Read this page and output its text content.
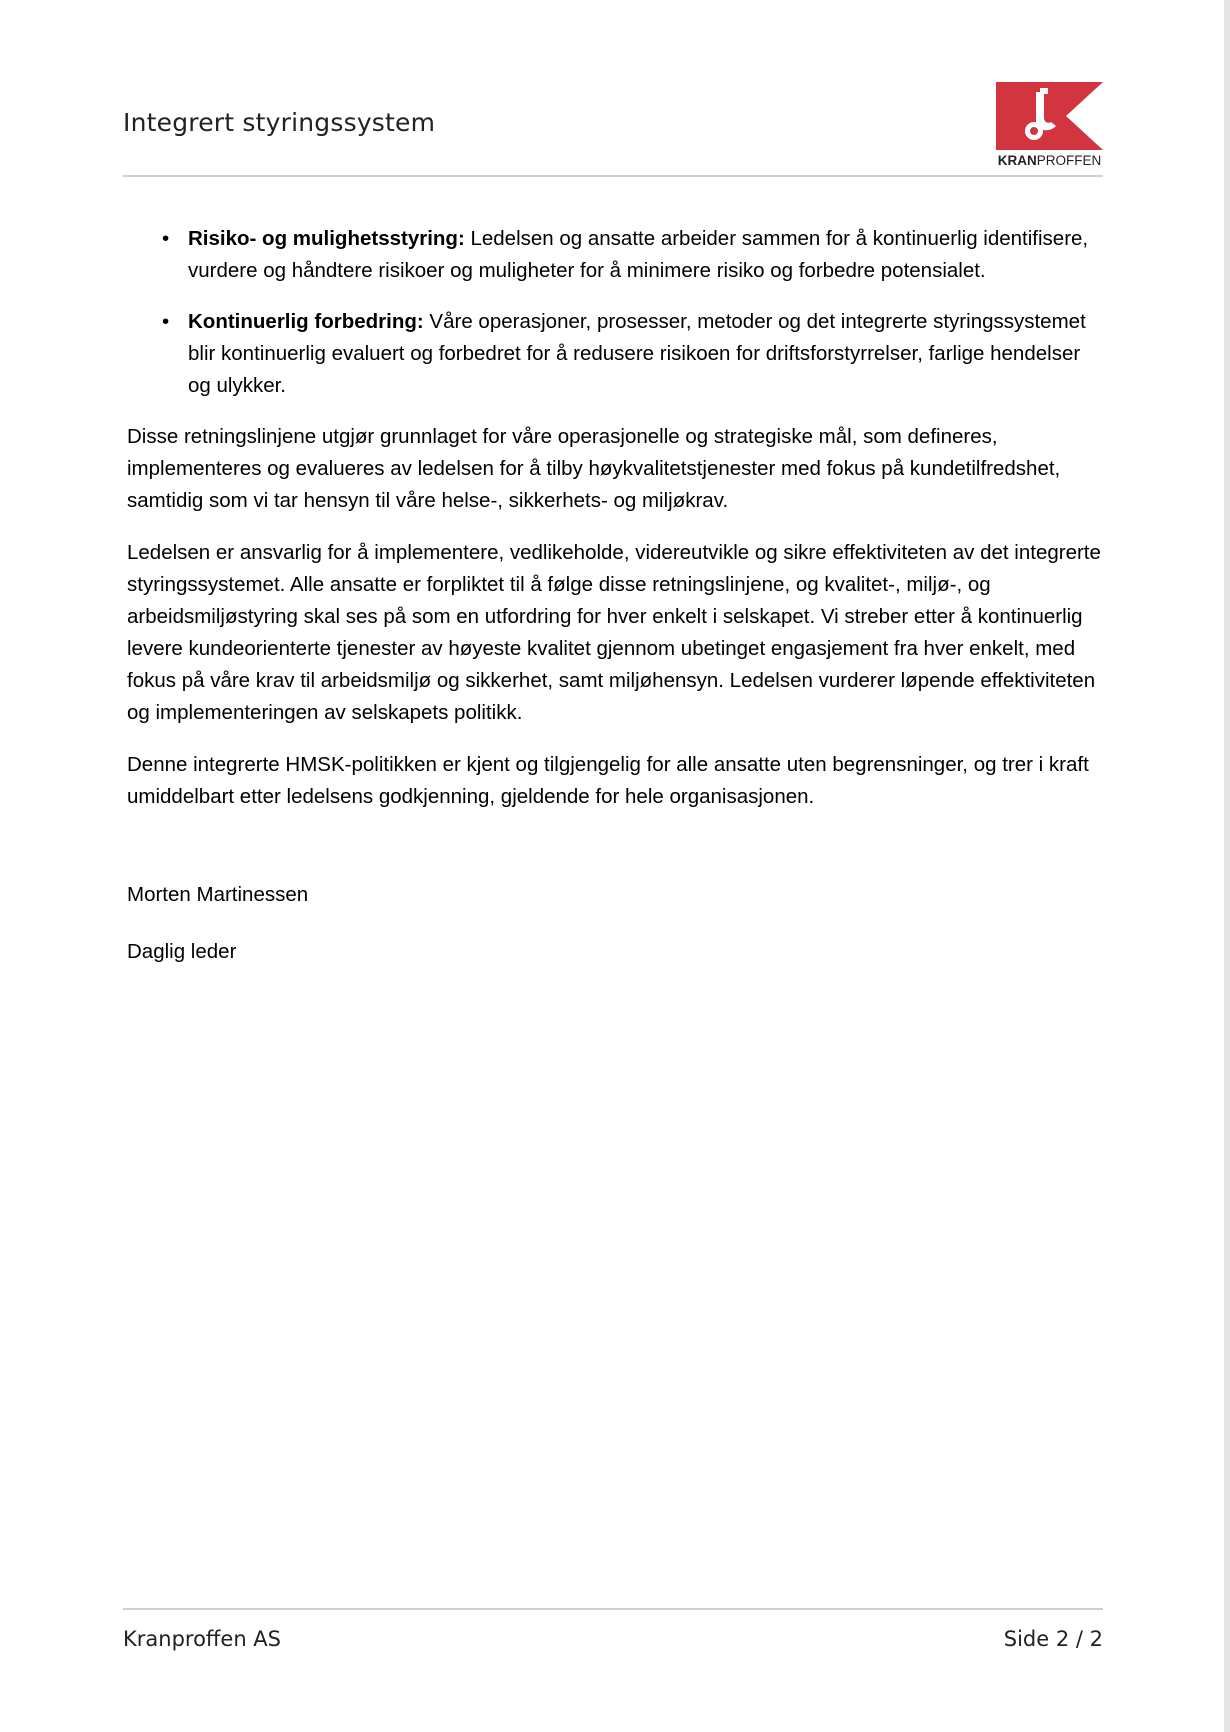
Integrert styringssystem
KRANPROFFEN
• Risiko- og mulighetsstyring: Ledelsen og ansatte arbeider sammen for å kontinuerlig identifisere, vurdere og håndtere risikoer og muligheter for å minimere risiko og forbedre potensialet.
• Kontinuerlig forbedring: Våre operasjoner, prosesser, metoder og det integrerte styringssystemet blir kontinuerlig evaluert og forbedret for å redusere risikoen for driftsforstyrrelser, farlige hendelser og ulykker.

Disse retningslinjene utgjør grunnlaget for våre operasjonelle og strategiske mål, som defineres, implementeres og evalueres av ledelsen for å tilby høykvalitetstjenester med fokus på kundetilfredshet, samtidig som vi tar hensyn til våre helse-, sikkerhets- og miljøkrav.

Ledelsen er ansvarlig for å implementere, vedlikeholde, videreutvikle og sikre effektiviteten av det integrerte styringssystemet. Alle ansatte er forpliktet til å følge disse retningslinjene, og kvalitet-, miljø-, og arbeidsmiljøstyring skal ses på som en utfordring for hver enkelt i selskapet. Vi streber etter å kontinuerlig levere kundeorienterte tjenester av høyeste kvalitet gjennom ubetinget engasjement fra hver enkelt, med fokus på våre krav til arbeidsmiljø og sikkerhet, samt miljøhensyn. Ledelsen vurderer løpende effektiviteten og implementeringen av selskapets politikk.

Denne integrerte HMSK-politikken er kjent og tilgjengelig for alle ansatte uten begrensninger, og trer i kraft umiddelbart etter ledelsens godkjenning, gjeldende for hele organisasjonen.

Morten Martinessen

Daglig leder

Kranproffen AS	Side 2 / 2
